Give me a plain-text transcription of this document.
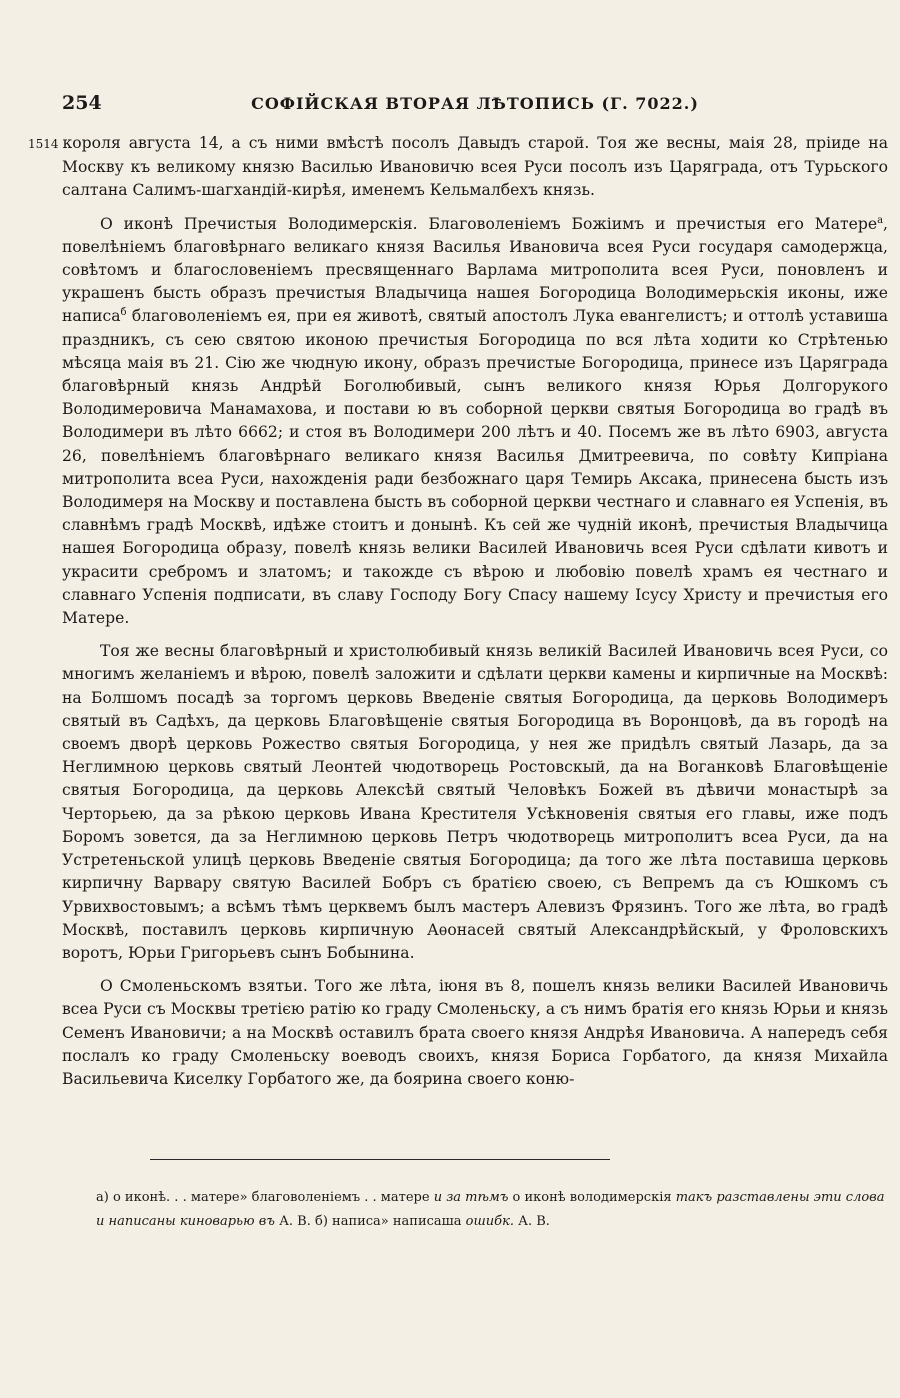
254	СОФІЙСКАЯ ВТОРАЯ ЛѢТОПИСЬ (Г. 7022.)

1514 короля августа 14, а съ ними вмѣстѣ посолъ Давыдъ старой. Тоя же весны, маія 28, пріиде на Москву къ великому князю Василью Ивановичю всея Руси посолъ изъ Царяграда, отъ Турьского салтана Салимъ-шагхандій-кирѣя, именемъ Кельмалбехъ князь.

О иконѣ Пречистыя Володимерскія. Благоволеніемъ Божіимъ и пречистыя его Матере$^а$, повелѣніемъ благовѣрнаго великаго князя Василья Ивановича всея Руси государя самодержца, совѣтомъ и благословеніемъ пресвященнаго Варлама митрополита всея Руси, поновленъ и украшенъ бысть образъ пречистыя Владычица нашея Богородица Володимерьскія иконы, иже написа$^б$ благоволеніемъ ея, при ея животѣ, святый апостолъ Лука евангелистъ; и оттолѣ уставиша праздникъ, съ сею святою иконою пречистыя Богородица по вся лѣта ходити ко Стрѣтенью мѣсяца маія въ 21. Сію же чюдную икону, образъ пречистые Богородица, принесе изъ Царяграда благовѣрный князь Андрѣй Боголюбивый, сынъ великого князя Юрья Долгорукого Володимеровича Манамахова, и постави ю въ соборной церкви святыя Богородица во градѣ въ Володимери въ лѣто 6662; и стоя въ Володимери 200 лѣтъ и 40. Посемъ же въ лѣто 6903, августа 26, повелѣніемъ благовѣрнаго великаго князя Василья Дмитреевича, по совѣту Кипріана митрополита всеа Руси, нахожденія ради безбожнаго царя Темирь Аксака, принесена бысть изъ Володимеря на Москву и поставлена бысть въ соборной церкви честнаго и славнаго ея Успенія, въ славнѣмъ градѣ Москвѣ, идѣже стоитъ и донынѣ. Къ сей же чудній иконѣ, пречистыя Владычица нашея Богородица образу, повелѣ князь велики Василей Ивановичь всея Руси сдѣлати кивотъ и украсити сребромъ и златомъ; и такожде съ вѣрою и любовію повелѣ храмъ ея честнаго и славнаго Успенія подписати, въ славу Господу Богу Спасу нашему Ісусу Христу и пречистыя его Матере.

Тоя же весны благовѣрный и христолюбивый князь великій Василей Ивановичь всея Руси, со многимъ желаніемъ и вѣрою, повелѣ заложити и сдѣлати церкви камены и кирпичные на Москвѣ: на Болшомъ посадѣ за торгомъ церковь Введеніе святыя Богородица, да церковь Володимеръ святый въ Садѣхъ, да церковь Благовѣщеніе святыя Богородица въ Воронцовѣ, да въ городѣ на своемъ дворѣ церковь Рожество святыя Богородица, у нея же придѣлъ святый Лазарь, да за Неглимною церковь святый Леонтей чюдотворець Ростовскый, да на Воганковѣ Благовѣщеніе святыя Богородица, да церковь Алексѣй святый Человѣкъ Божей въ дѣвичи монастырѣ за Черторьею, да за рѣкою церковь Ивана Крестителя Усѣкновенія святыя его главы, иже подъ Боромъ зовется, да за Неглимною церковь Петръ чюдотворець митрополитъ всеа Руси, да на Устретеньской улицѣ церковь Введеніе святыя Богородица; да того же лѣта поставиша церковь кирпичну Варвару святую Василей Бобръ съ братією своею, съ Вепремъ да съ Юшкомъ съ Урвихвостовымъ; а всѣмъ тѣмъ церквемъ былъ мастеръ Алевизъ Фрязинъ. Того же лѣта, во градѣ Москвѣ, поставилъ церковь кирпичную Аѳонасей святый Александрѣйскый, у Фроловскихъ воротъ, Юрьи Григорьевъ сынъ Бобынина.

О Смоленьскомъ взятьи. Того же лѣта, іюня въ 8, пошелъ князь велики Василей Ивановичь всеа Руси съ Москвы третією ратію ко граду Смоленьску, а съ нимъ братія его князь Юрьи и князь Семенъ Ивановичи; а на Москвѣ оставилъ брата своего князя Андрѣя Ивановича. А напередъ себя послалъ ко граду Смоленьску воеводъ своихъ, князя Бориса Горбатого, да князя Михайла Васильевича Киселку Горбатого же, да боярина своего коню-

а) о иконѣ. . . матере» благоволеніемъ . . матере и за тѣмъ о иконѣ володимерскія такъ разставлены эти слова и написаны киноварью въ А. В. б) написа» написаша ошибк. А. В.
